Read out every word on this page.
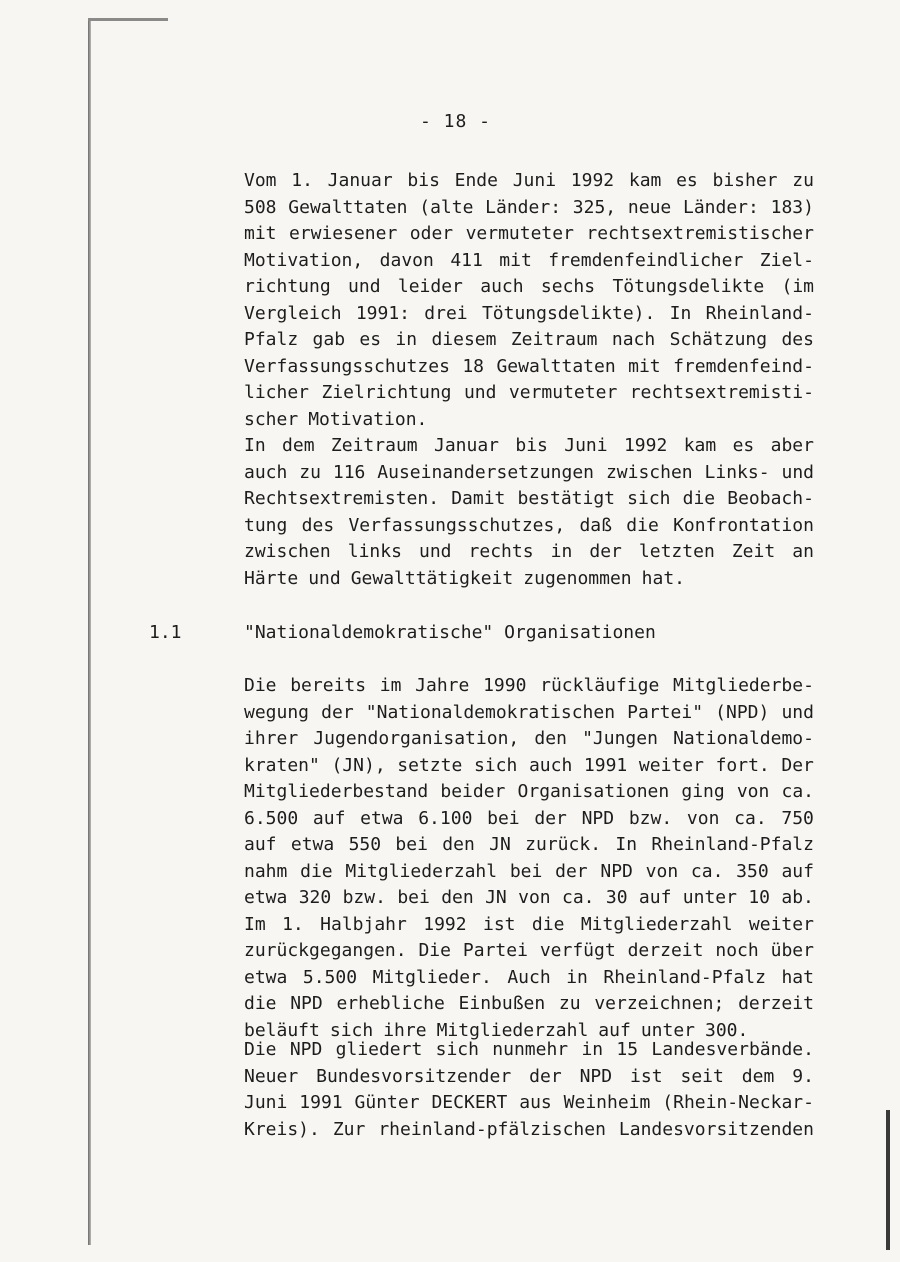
- 18 -
Vom 1. Januar bis Ende Juni 1992 kam es bisher zu
508 Gewalttaten (alte Länder: 325, neue Länder: 183)
mit erwiesener oder vermuteter rechtsextremistischer
Motivation, davon 411 mit fremdenfeindlicher Ziel-
richtung und leider auch sechs Tötungsdelikte (im
Vergleich 1991: drei Tötungsdelikte). In Rheinland-
Pfalz gab es in diesem Zeitraum nach Schätzung des
Verfassungsschutzes 18 Gewalttaten mit fremdenfeind-
licher Zielrichtung und vermuteter rechtsextremisti-
scher Motivation.
In dem Zeitraum Januar bis Juni 1992 kam es aber
auch zu 116 Auseinandersetzungen zwischen Links- und
Rechtsextremisten. Damit bestätigt sich die Beobach-
tung des Verfassungsschutzes, daß die Konfrontation
zwischen links und rechts in der letzten Zeit an
Härte und Gewalttätigkeit zugenommen hat.
1.1	"Nationaldemokratische" Organisationen
Die bereits im Jahre 1990 rückläufige Mitgliederbe-
wegung der "Nationaldemokratischen Partei" (NPD) und
ihrer Jugendorganisation, den "Jungen Nationaldemo-
kraten" (JN), setzte sich auch 1991 weiter fort. Der
Mitgliederbestand beider Organisationen ging von ca.
6.500 auf etwa 6.100 bei der NPD bzw. von ca. 750
auf etwa 550 bei den JN zurück. In Rheinland-Pfalz
nahm die Mitgliederzahl bei der NPD von ca. 350 auf
etwa 320 bzw. bei den JN von ca. 30 auf unter 10 ab.
Im 1. Halbjahr 1992 ist die Mitgliederzahl weiter
zurückgegangen. Die Partei verfügt derzeit noch über
etwa 5.500 Mitglieder. Auch in Rheinland-Pfalz hat
die NPD erhebliche Einbußen zu verzeichnen; derzeit
beläuft sich ihre Mitgliederzahl auf unter 300.
Die NPD gliedert sich nunmehr in 15 Landesverbände.
Neuer Bundesvorsitzender der NPD ist seit dem 9.
Juni 1991 Günter DECKERT aus Weinheim (Rhein-Neckar-
Kreis). Zur rheinland-pfälzischen Landesvorsitzenden
